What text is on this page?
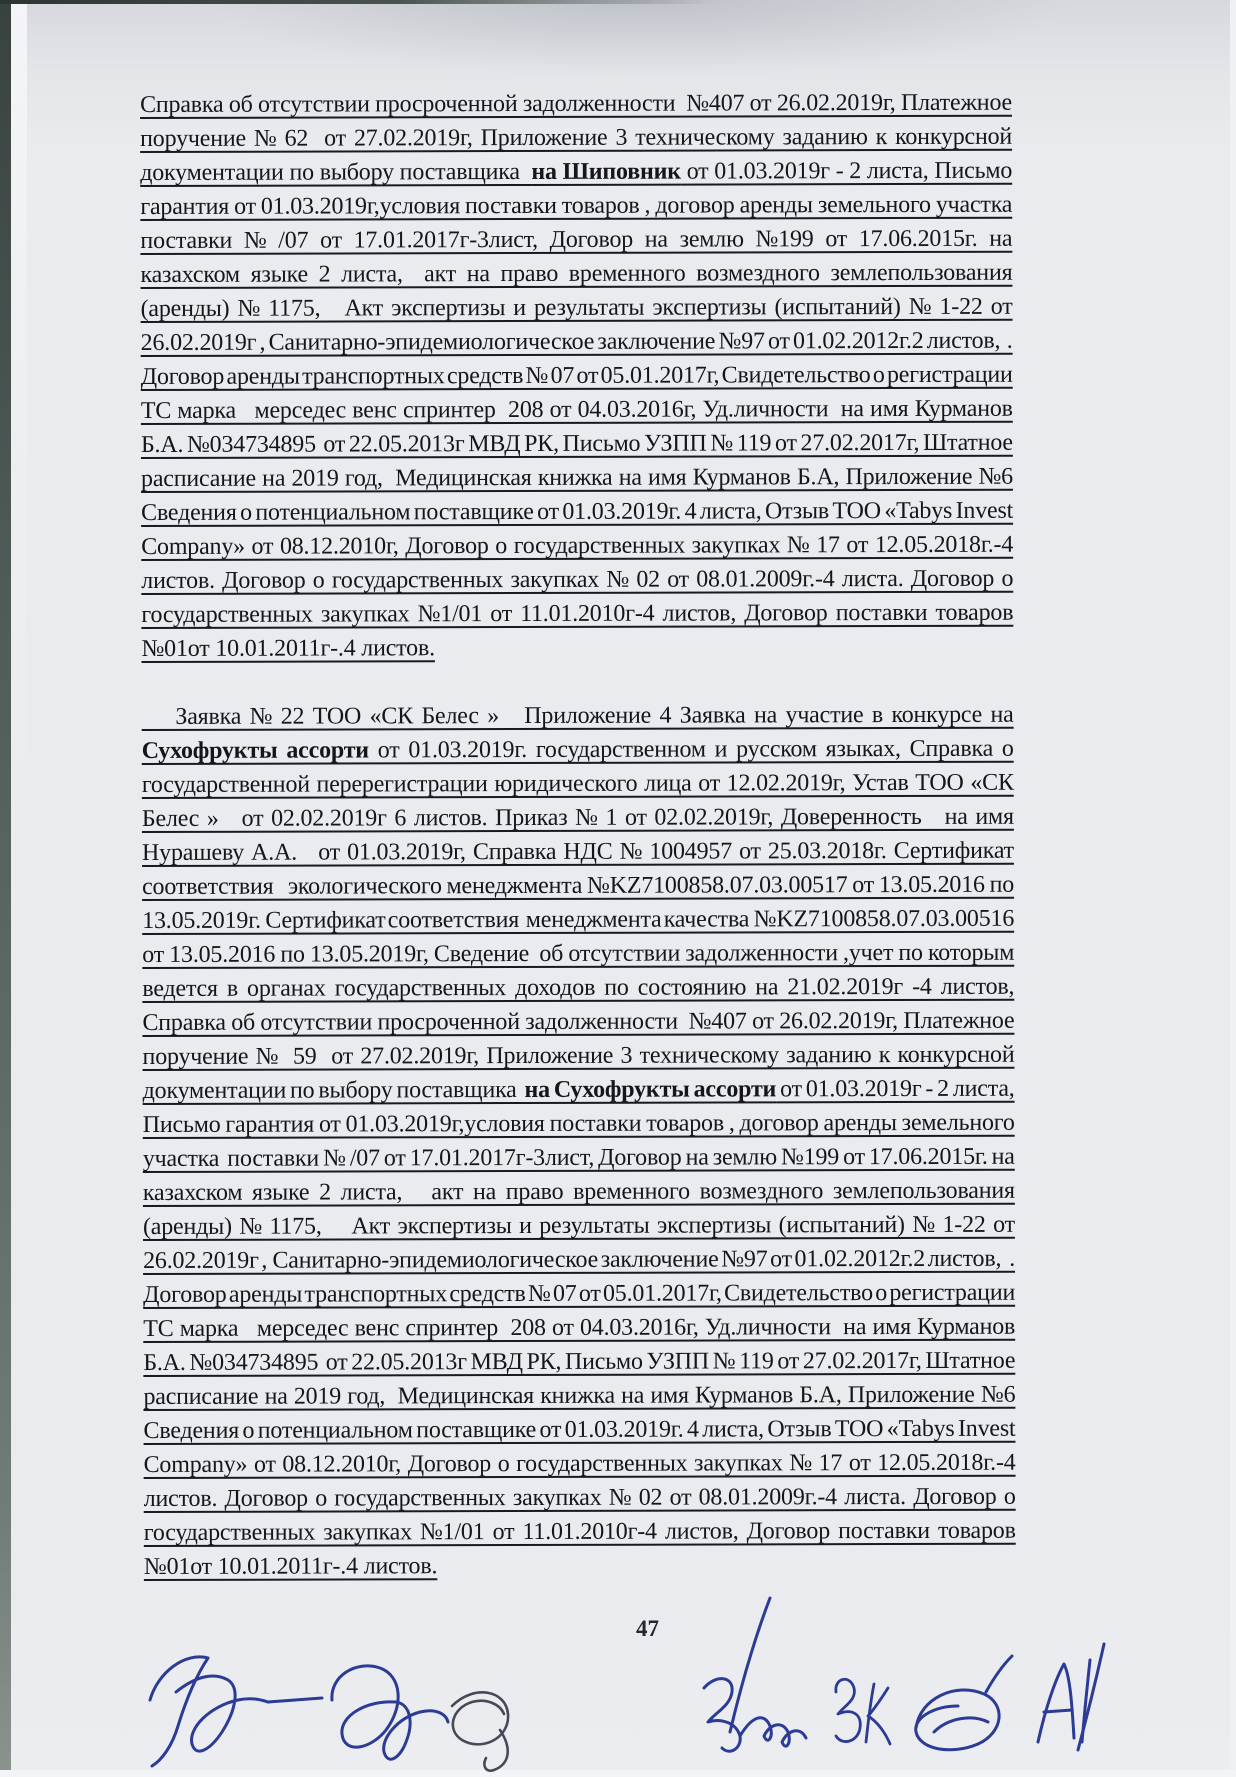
Справка об отсутствии просроченной задолженности  №407 от 26.02.2019г, Платежное
поручение № 62  от 27.02.2019г, Приложение 3 техническому заданию к конкурсной
документации по выбору поставщика  на Шиповник от 01.03.2019г - 2 листа, Письмо
гарантия от 01.03.2019г,условия поставки товаров , договор аренды земельного участка
поставки № /07 от 17.01.2017г-3лист, Договор на землю №199 от 17.06.2015г. на
казахском языке 2 листа,  акт на право временного возмездного землепользования
(аренды) № 1175,   Акт экспертизы и результаты экспертизы (испытаний) № 1-22 от
26.02.2019г , Санитарно-эпидемиологическое заключение №97 от 01.02.2012г.2 листов,  .
Договор аренды транспортных средств № 07 от 05.01.2017г, Свидетельство о регистрации
ТС марка   мерседес венс спринтер  208 от 04.03.2016г, Уд.личности  на имя Курманов
Б.А. №034734895  от 22.05.2013г МВД РК, Письмо УЗПП № 119 от 27.02.2017г, Штатное
расписание на 2019 год,  Медицинская книжка на имя Курманов Б.А, Приложение №6
Сведения о потенциальном поставщике от 01.03.2019г. 4 листа, Отзыв ТОО «Tabys Invest
Company» от 08.12.2010г, Договор о государственных закупках № 17 от 12.05.2018г.-4
листов. Договор о государственных закупках № 02 от 08.01.2009г.-4 листа. Договор о
государственных закупках №1/01 от 11.01.2010г-4 листов, Договор поставки товаров
№01от 10.01.2011г-.4 листов.
Заявка № 22 ТОО «СК Белес »   Приложение 4 Заявка на участие в конкурсе на
Сухофрукты ассорти от 01.03.2019г. государственном и русском языках, Справка о
государственной перерегистрации юридического лица от 12.02.2019г, Устав ТОО «СК
Белес »   от 02.02.2019г 6 листов. Приказ № 1 от 02.02.2019г, Доверенность   на имя
Нурашеву А.А.   от 01.03.2019г, Справка НДС № 1004957 от 25.03.2018г. Сертификат
соответствия   экологического менеджмента №KZ7100858.07.03.00517 от 13.05.2016 по
13.05.2019г.  Сертификат соответствия   менеджмента качества  №KZ7100858.07.03.00516
от 13.05.2016 по 13.05.2019г, Сведение  об отсутствии задолженности ,учет по которым
ведется в органах государственных доходов по состоянию на 21.02.2019г -4 листов,
Справка об отсутствии просроченной задолженности  №407 от 26.02.2019г, Платежное
поручение №  59  от 27.02.2019г, Приложение 3 техническому заданию к конкурсной
документации по выбору поставщика  на Сухофрукты ассорти от 01.03.2019г - 2 листа,
Письмо гарантия от 01.03.2019г,условия поставки товаров , договор аренды земельного
участка  поставки № /07 от 17.01.2017г-3лист, Договор на землю №199 от 17.06.2015г. на
казахском языке 2 листа,   акт на право временного возмездного землепользования
(аренды) № 1175,    Акт экспертизы и результаты экспертизы (испытаний) № 1-22 от
26.02.2019г ,  Санитарно-эпидемиологическое заключение №97 от 01.02.2012г.2 листов,   .
Договор аренды транспортных средств № 07 от 05.01.2017г, Свидетельство о регистрации
ТС марка   мерседес венс спринтер  208 от 04.03.2016г, Уд.личности  на имя Курманов
Б.А. №034734895  от 22.05.2013г МВД РК, Письмо УЗПП № 119 от 27.02.2017г, Штатное
расписание на 2019 год,  Медицинская книжка на имя Курманов Б.А, Приложение №6
Сведения о потенциальном поставщике от 01.03.2019г. 4 листа, Отзыв ТОО «Tabys Invest
Company» от 08.12.2010г, Договор о государственных закупках № 17 от 12.05.2018г.-4
листов. Договор о государственных закупках № 02 от 08.01.2009г.-4 листа. Договор о
государственных закупках №1/01 от 11.01.2010г-4 листов, Договор поставки товаров
№01от 10.01.2011г-.4 листов.
47
